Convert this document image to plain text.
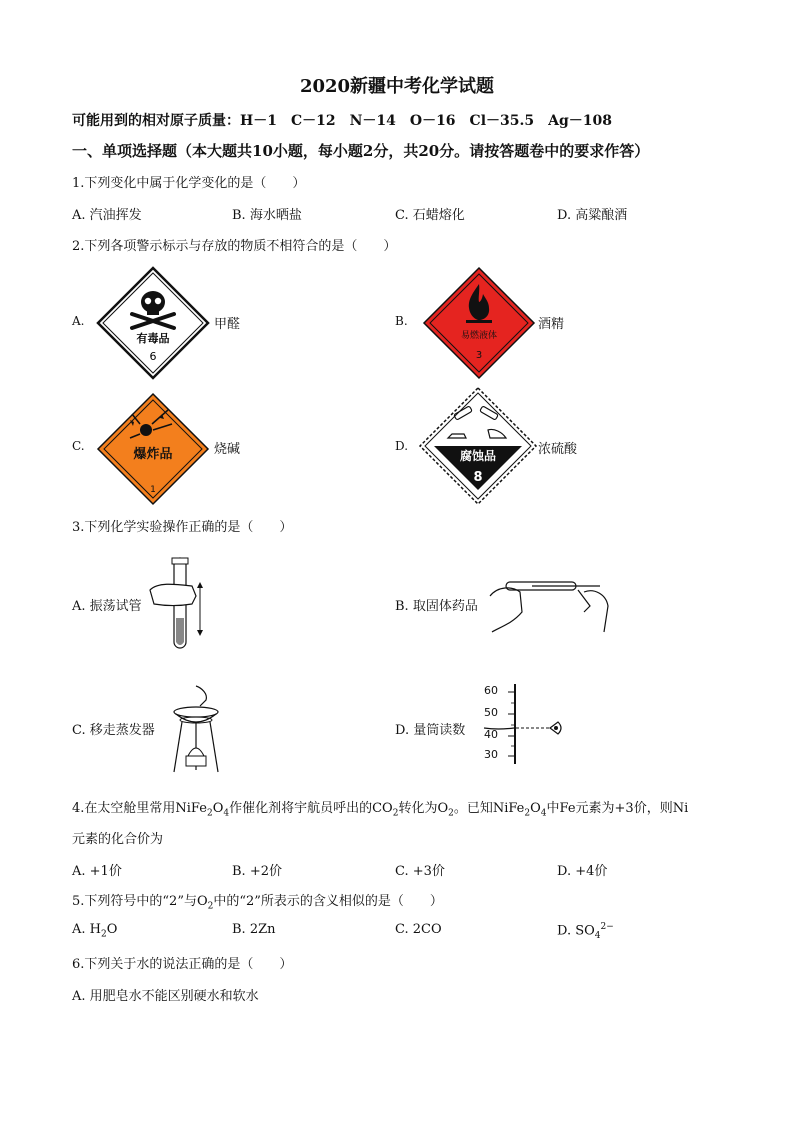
2020新疆中考化学试题
可能用到的相对原子质量：H－1　C－12　N－14　O－16　Cl－35.5　Ag－108
一、单项选择题（本大题共10小题，每小题2分，共20分。请按答题卷中的要求作答）
1.下列变化中属于化学变化的是（　　）
A. 汽油挥发	B. 海水晒盐	C. 石蜡熔化	D. 高粱酿酒
2.下列各项警示标示与存放的物质不相符合的是（　　）
A.
有毒品
6
甲醛	B.
易燃液体
3
酒精
C.
爆炸品
1
烧碱	D.
腐蚀品
8
浓硫酸
3.下列化学实验操作正确的是（　　）
A. 振荡试管	B. 取固体药品
C. 移走蒸发器	D. 量筒读数
60
50
40
30
4.在太空舱里常用$NiFe_2O_4$作催化剂将宇航员呼出的$CO_2$转化为$O_2$。已知$NiFe_2O_4$中Fe元素为+3价，则Ni
元素的化合价为
A. +1价	B. +2价	C. +3价	D. +4价
5.下列符号中的“2”与$O_2$中的“2”所表示的含义相似的是（　　）
A. $H_2O$	B. 2Zn	C. 2CO	D. $SO_4^{2-}$
6.下列关于水的说法正确的是（　　）
A. 用肥皂水不能区别硬水和软水
